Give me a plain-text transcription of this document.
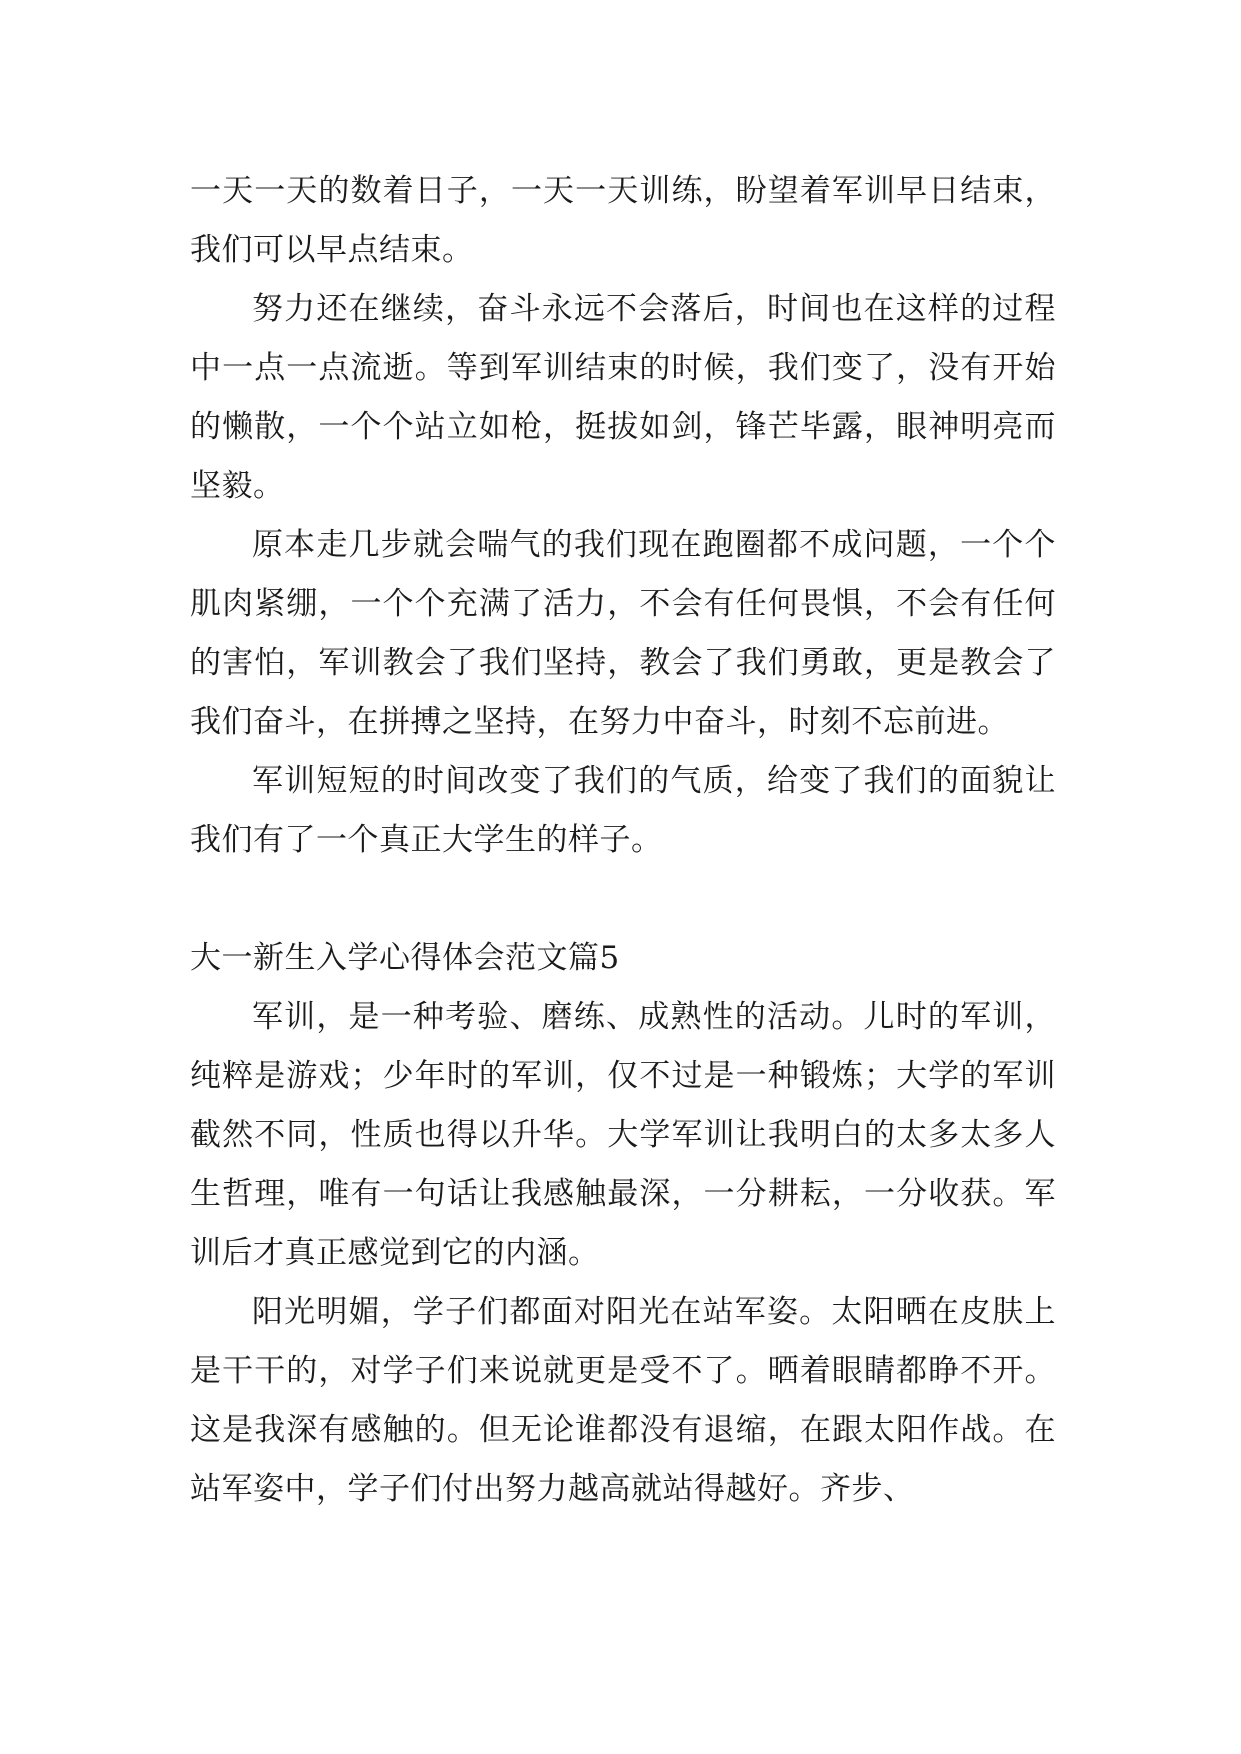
一天一天的数着日子，一天一天训练，盼望着军训早日结束，我们可以早点结束。

努力还在继续，奋斗永远不会落后，时间也在这样的过程中一点一点流逝。等到军训结束的时候，我们变了，没有开始的懒散，一个个站立如枪，挺拔如剑，锋芒毕露，眼神明亮而坚毅。

原本走几步就会喘气的我们现在跑圈都不成问题，一个个肌肉紧绷，一个个充满了活力，不会有任何畏惧，不会有任何的害怕，军训教会了我们坚持，教会了我们勇敢，更是教会了我们奋斗，在拼搏之坚持，在努力中奋斗，时刻不忘前进。

军训短短的时间改变了我们的气质，给变了我们的面貌让我们有了一个真正大学生的样子。

大一新生入学心得体会范文篇5

军训，是一种考验、磨练、成熟性的活动。儿时的军训，纯粹是游戏；少年时的军训，仅不过是一种锻炼；大学的军训截然不同，性质也得以升华。大学军训让我明白的太多太多人生哲理，唯有一句话让我感触最深，一分耕耘，一分收获。军训后才真正感觉到它的内涵。

阳光明媚，学子们都面对阳光在站军姿。太阳晒在皮肤上是干干的，对学子们来说就更是受不了。晒着眼睛都睁不开。这是我深有感触的。但无论谁都没有退缩，在跟太阳作战。在站军姿中，学子们付出努力越高就站得越好。齐步、
